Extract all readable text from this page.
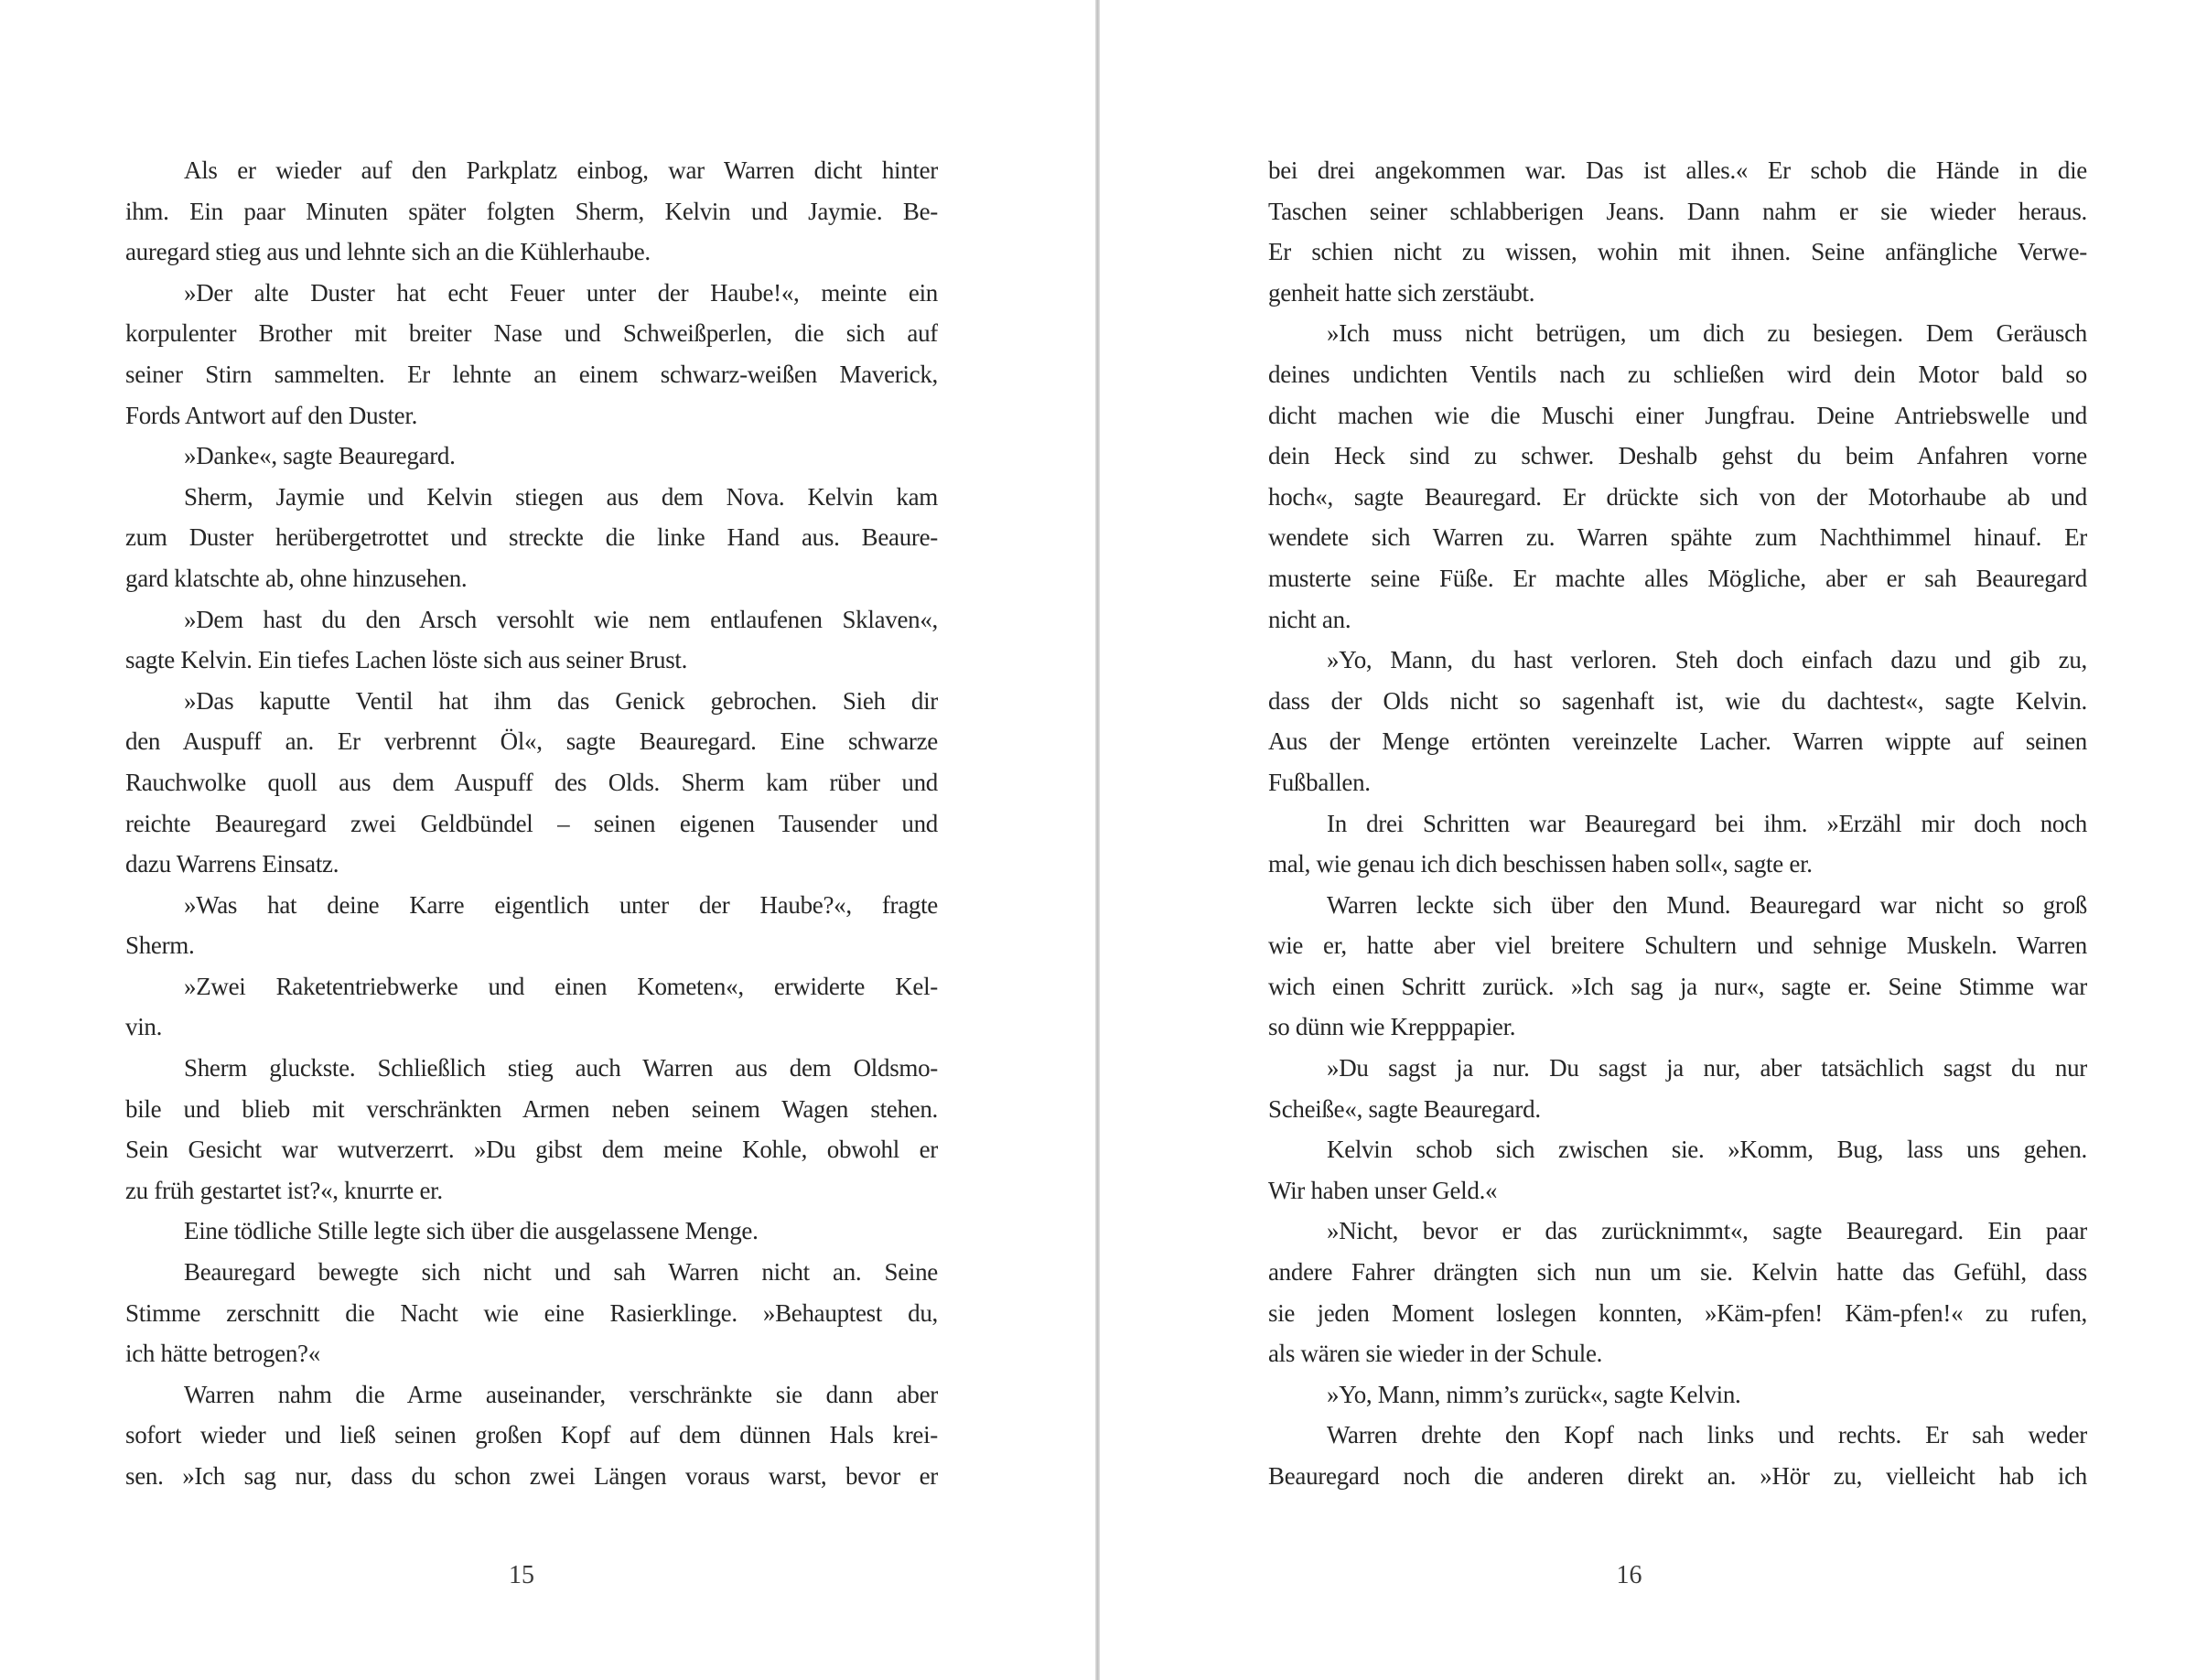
Als er wieder auf den Parkplatz einbog, war Warren dicht hinter
ihm. Ein paar Minuten später folgten Sherm, Kelvin und Jaymie. Be-
auregard stieg aus und lehnte sich an die Kühlerhaube.
»Der alte Duster hat echt Feuer unter der Haube!«, meinte ein
korpulenter Brother mit breiter Nase und Schweißperlen, die sich auf
seiner Stirn sammelten. Er lehnte an einem schwarz-weißen Maverick,
Fords Antwort auf den Duster.
»Danke«, sagte Beauregard.
Sherm, Jaymie und Kelvin stiegen aus dem Nova. Kelvin kam
zum Duster herübergetrottet und streckte die linke Hand aus. Beaure-
gard klatschte ab, ohne hinzusehen.
»Dem hast du den Arsch versohlt wie nem entlaufenen Sklaven«,
sagte Kelvin. Ein tiefes Lachen löste sich aus seiner Brust.
»Das kaputte Ventil hat ihm das Genick gebrochen. Sieh dir
den Auspuff an. Er verbrennt Öl«, sagte Beauregard. Eine schwarze
Rauchwolke quoll aus dem Auspuff des Olds. Sherm kam rüber und
reichte Beauregard zwei Geldbündel – seinen eigenen Tausender und
dazu Warrens Einsatz.
»Was hat deine Karre eigentlich unter der Haube?«, fragte
Sherm.
»Zwei Raketentriebwerke und einen Kometen«, erwiderte Kel-
vin.
Sherm gluckste. Schließlich stieg auch Warren aus dem Oldsmo-
bile und blieb mit verschränkten Armen neben seinem Wagen stehen.
Sein Gesicht war wutverzerrt. »Du gibst dem meine Kohle, obwohl er
zu früh gestartet ist?«, knurrte er.
Eine tödliche Stille legte sich über die ausgelassene Menge.
Beauregard bewegte sich nicht und sah Warren nicht an. Seine
Stimme zerschnitt die Nacht wie eine Rasierklinge. »Behauptest du,
ich hätte betrogen?«
Warren nahm die Arme auseinander, verschränkte sie dann aber
sofort wieder und ließ seinen großen Kopf auf dem dünnen Hals krei-
sen. »Ich sag nur, dass du schon zwei Längen voraus warst, bevor er
15
bei drei angekommen war. Das ist alles.« Er schob die Hände in die
Taschen seiner schlabberigen Jeans. Dann nahm er sie wieder heraus.
Er schien nicht zu wissen, wohin mit ihnen. Seine anfängliche Verwe-
genheit hatte sich zerstäubt.
»Ich muss nicht betrügen, um dich zu besiegen. Dem Geräusch
deines undichten Ventils nach zu schließen wird dein Motor bald so
dicht machen wie die Muschi einer Jungfrau. Deine Antriebswelle und
dein Heck sind zu schwer. Deshalb gehst du beim Anfahren vorne
hoch«, sagte Beauregard. Er drückte sich von der Motorhaube ab und
wendete sich Warren zu. Warren spähte zum Nachthimmel hinauf. Er
musterte seine Füße. Er machte alles Mögliche, aber er sah Beauregard
nicht an.
»Yo, Mann, du hast verloren. Steh doch einfach dazu und gib zu,
dass der Olds nicht so sagenhaft ist, wie du dachtest«, sagte Kelvin.
Aus der Menge ertönten vereinzelte Lacher. Warren wippte auf seinen
Fußballen.
In drei Schritten war Beauregard bei ihm. »Erzähl mir doch noch
mal, wie genau ich dich beschissen haben soll«, sagte er.
Warren leckte sich über den Mund. Beauregard war nicht so groß
wie er, hatte aber viel breitere Schultern und sehnige Muskeln. Warren
wich einen Schritt zurück. »Ich sag ja nur«, sagte er. Seine Stimme war
so dünn wie Krepppapier.
»Du sagst ja nur. Du sagst ja nur, aber tatsächlich sagst du nur
Scheiße«, sagte Beauregard.
Kelvin schob sich zwischen sie. »Komm, Bug, lass uns gehen.
Wir haben unser Geld.«
»Nicht, bevor er das zurücknimmt«, sagte Beauregard. Ein paar
andere Fahrer drängten sich nun um sie. Kelvin hatte das Gefühl, dass
sie jeden Moment loslegen konnten, »Käm-pfen! Käm-pfen!« zu rufen,
als wären sie wieder in der Schule.
»Yo, Mann, nimm’s zurück«, sagte Kelvin.
Warren drehte den Kopf nach links und rechts. Er sah weder
Beauregard noch die anderen direkt an. »Hör zu, vielleicht hab ich
16
